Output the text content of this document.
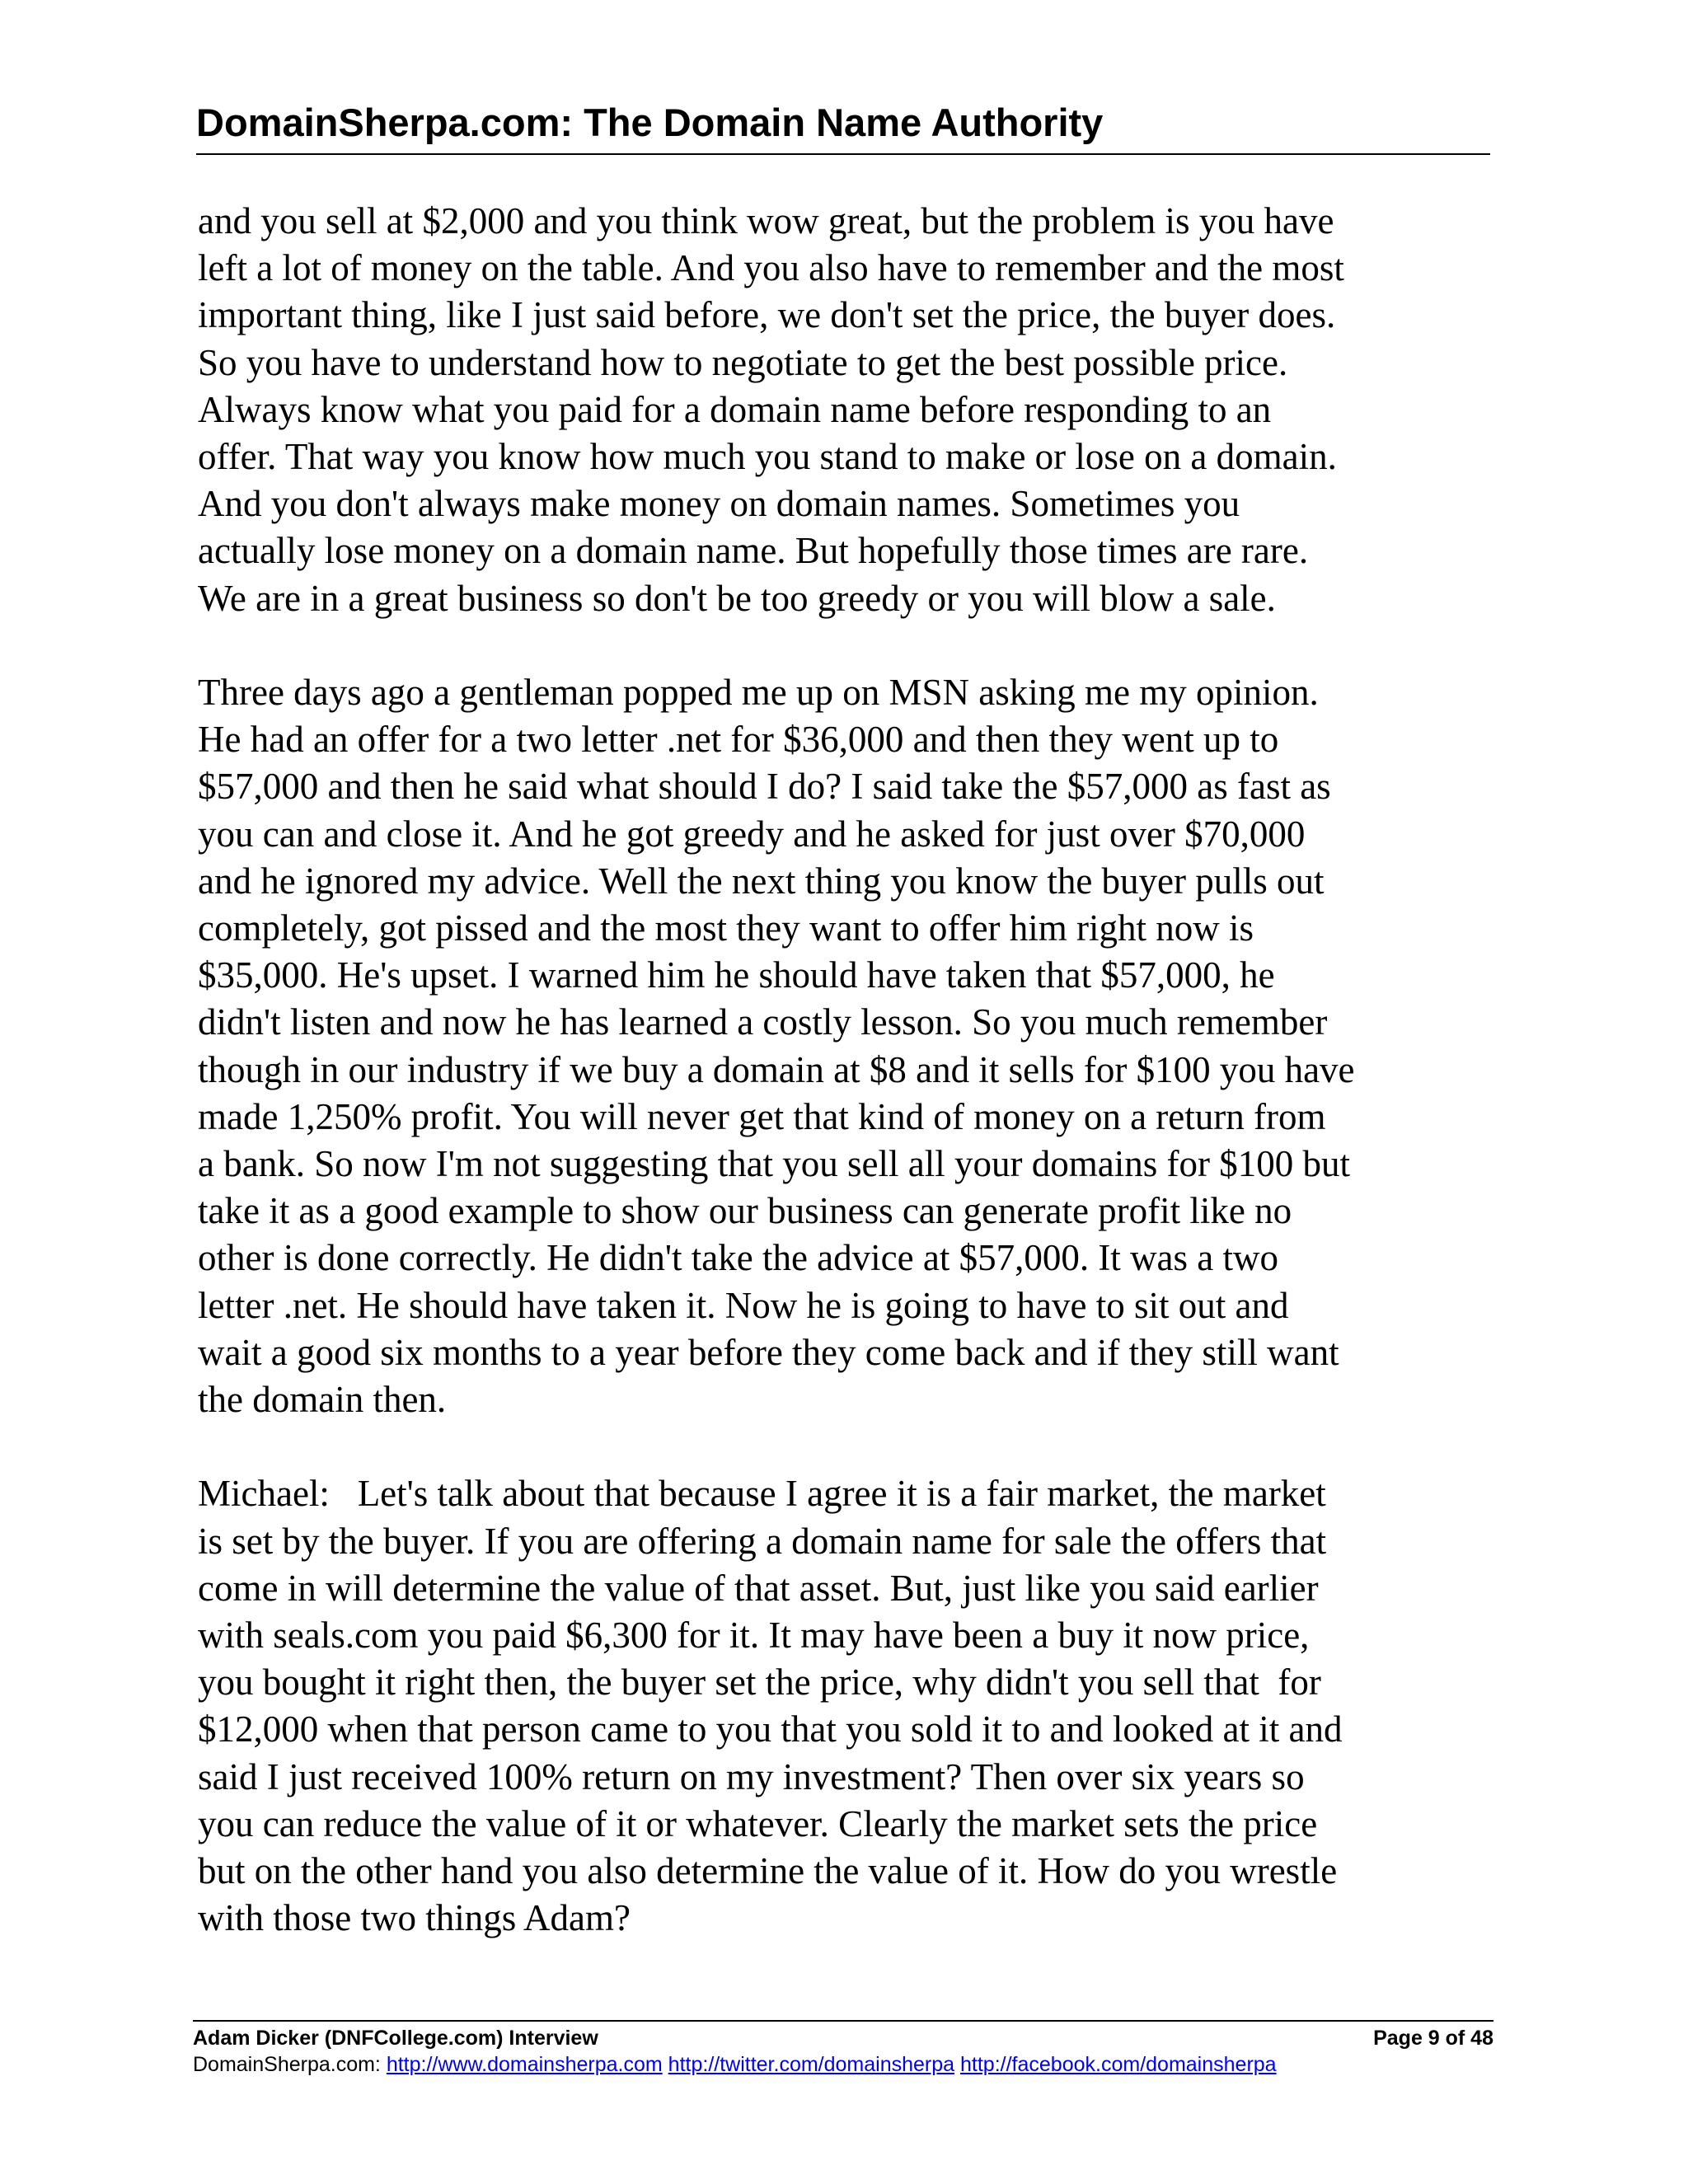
DomainSherpa.com: The Domain Name Authority
and you sell at $2,000 and you think wow great, but the problem is you have
left a lot of money on the table. And you also have to remember and the most
important thing, like I just said before, we don't set the price, the buyer does.
So you have to understand how to negotiate to get the best possible price.
Always know what you paid for a domain name before responding to an
offer. That way you know how much you stand to make or lose on a domain.
And you don't always make money on domain names. Sometimes you
actually lose money on a domain name. But hopefully those times are rare.
We are in a great business so don't be too greedy or you will blow a sale.
Three days ago a gentleman popped me up on MSN asking me my opinion.
He had an offer for a two letter .net for $36,000 and then they went up to
$57,000 and then he said what should I do? I said take the $57,000 as fast as
you can and close it. And he got greedy and he asked for just over $70,000
and he ignored my advice. Well the next thing you know the buyer pulls out
completely, got pissed and the most they want to offer him right now is
$35,000. He's upset. I warned him he should have taken that $57,000, he
didn't listen and now he has learned a costly lesson. So you much remember
though in our industry if we buy a domain at $8 and it sells for $100 you have
made 1,250% profit. You will never get that kind of money on a return from
a bank. So now I'm not suggesting that you sell all your domains for $100 but
take it as a good example to show our business can generate profit like no
other is done correctly. He didn't take the advice at $57,000. It was a two
letter .net. He should have taken it. Now he is going to have to sit out and
wait a good six months to a year before they come back and if they still want
the domain then.
Michael:   Let's talk about that because I agree it is a fair market, the market
is set by the buyer. If you are offering a domain name for sale the offers that
come in will determine the value of that asset. But, just like you said earlier
with seals.com you paid $6,300 for it. It may have been a buy it now price,
you bought it right then, the buyer set the price, why didn't you sell that  for
$12,000 when that person came to you that you sold it to and looked at it and
said I just received 100% return on my investment? Then over six years so
you can reduce the value of it or whatever. Clearly the market sets the price
but on the other hand you also determine the value of it. How do you wrestle
with those two things Adam?
Adam Dicker (DNFCollege.com) Interview	Page 9 of 48
DomainSherpa.com: http://www.domainsherpa.com http://twitter.com/domainsherpa http://facebook.com/domainsherpa
